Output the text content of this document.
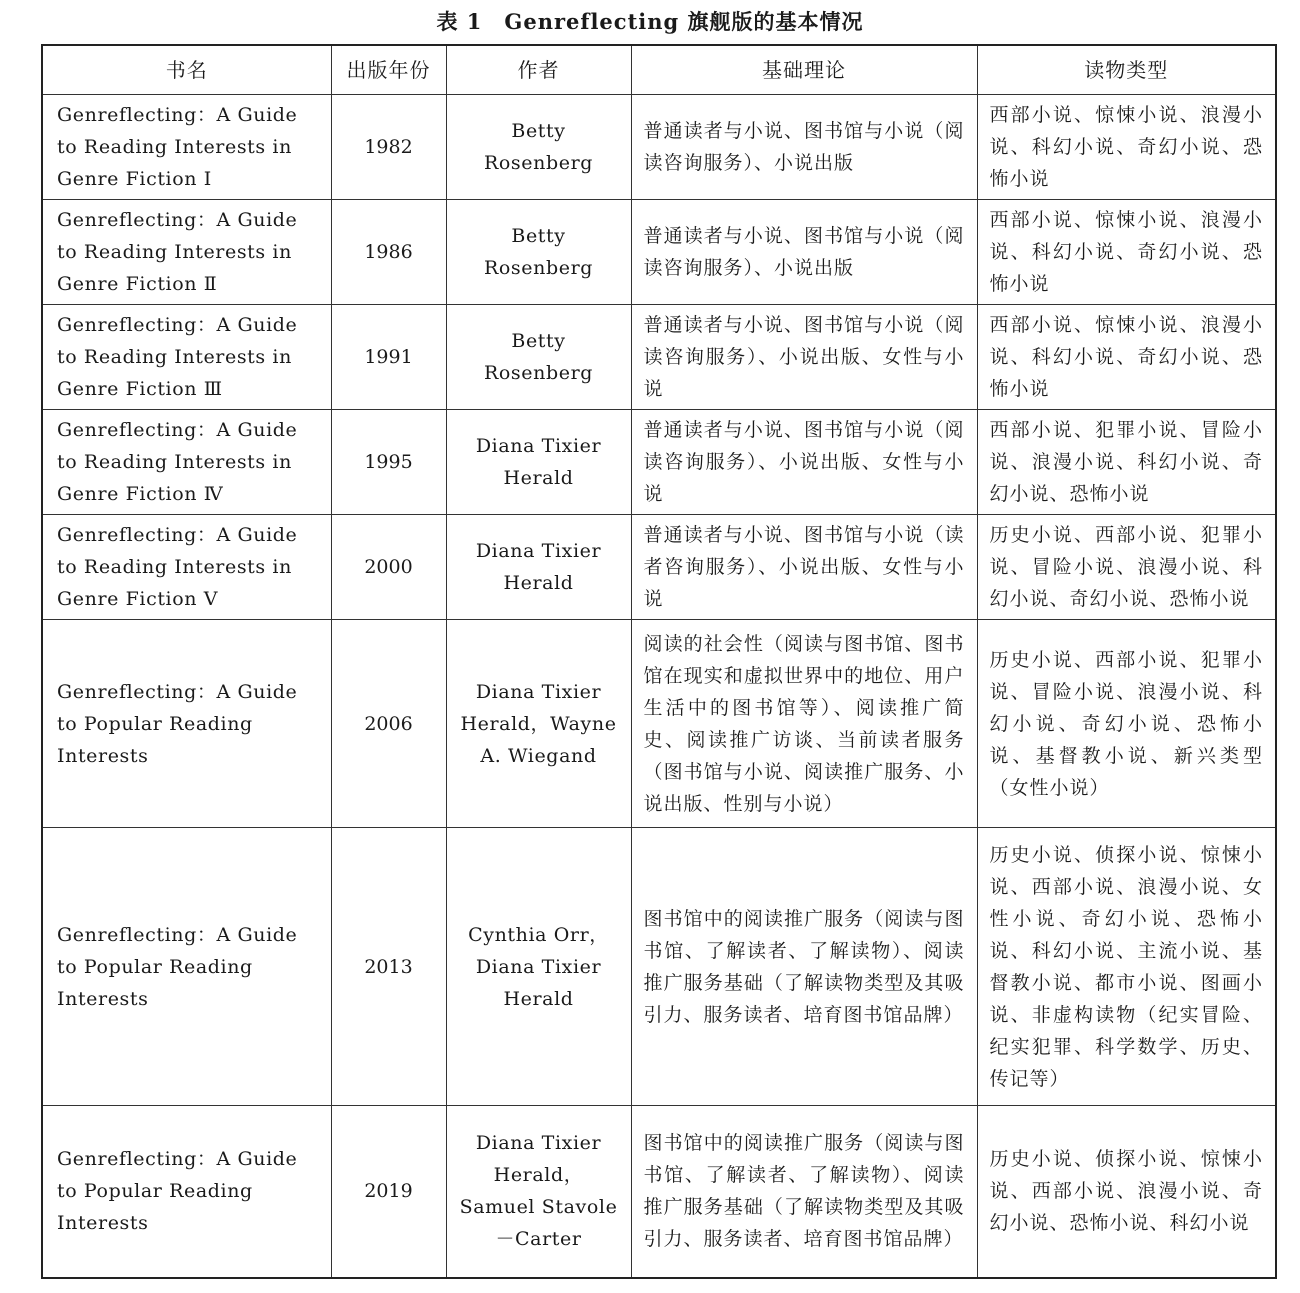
表 1 Genreflecting 旗舰版的基本情况
书名	出版年份	作者	基础理论	读物类型
Genreflecting：A Guide to Reading Interests in Genre Fiction Ⅰ	1982	Betty Rosenberg	普通读者与小说、图书馆与小说（阅读咨询服务）、小说出版	西部小说、惊悚小说、浪漫小说、科幻小说、奇幻小说、恐怖小说
Genreflecting：A Guide to Reading Interests in Genre Fiction Ⅱ	1986	Betty Rosenberg	普通读者与小说、图书馆与小说（阅读咨询服务）、小说出版	西部小说、惊悚小说、浪漫小说、科幻小说、奇幻小说、恐怖小说
Genreflecting：A Guide to Reading Interests in Genre Fiction Ⅲ	1991	Betty Rosenberg	普通读者与小说、图书馆与小说（阅读咨询服务）、小说出版、女性与小说	西部小说、惊悚小说、浪漫小说、科幻小说、奇幻小说、恐怖小说
Genreflecting：A Guide to Reading Interests in Genre Fiction Ⅳ	1995	Diana Tixier Herald	普通读者与小说、图书馆与小说（阅读咨询服务）、小说出版、女性与小说	西部小说、犯罪小说、冒险小说、浪漫小说、科幻小说、奇幻小说、恐怖小说
Genreflecting：A Guide to Reading Interests in Genre Fiction Ⅴ	2000	Diana Tixier Herald	普通读者与小说、图书馆与小说（读者咨询服务）、小说出版、女性与小说	历史小说、西部小说、犯罪小说、冒险小说、浪漫小说、科幻小说、奇幻小说、恐怖小说
Genreflecting：A Guide to Popular Reading Interests	2006	Diana Tixier Herald，Wayne A. Wiegand	阅读的社会性（阅读与图书馆、图书馆在现实和虚拟世界中的地位、用户生活中的图书馆等）、阅读推广简史、阅读推广访谈、当前读者服务（图书馆与小说、阅读推广服务、小说出版、性别与小说）	历史小说、西部小说、犯罪小说、冒险小说、浪漫小说、科幻小说、奇幻小说、恐怖小说、基督教小说、新兴类型（女性小说）
Genreflecting：A Guide to Popular Reading Interests	2013	Cynthia Orr，Diana Tixier Herald	图书馆中的阅读推广服务（阅读与图书馆、了解读者、了解读物）、阅读推广服务基础（了解读物类型及其吸引力、服务读者、培育图书馆品牌）	历史小说、侦探小说、惊悚小说、西部小说、浪漫小说、女性小说、奇幻小说、恐怖小说、科幻小说、主流小说、基督教小说、都市小说、图画小说、非虚构读物（纪实冒险、纪实犯罪、科学数学、历史、传记等）
Genreflecting：A Guide to Popular Reading Interests	2019	Diana Tixier Herald，Samuel Stavole－Carter	图书馆中的阅读推广服务（阅读与图书馆、了解读者、了解读物）、阅读推广服务基础（了解读物类型及其吸引力、服务读者、培育图书馆品牌）	历史小说、侦探小说、惊悚小说、西部小说、浪漫小说、奇幻小说、恐怖小说、科幻小说
